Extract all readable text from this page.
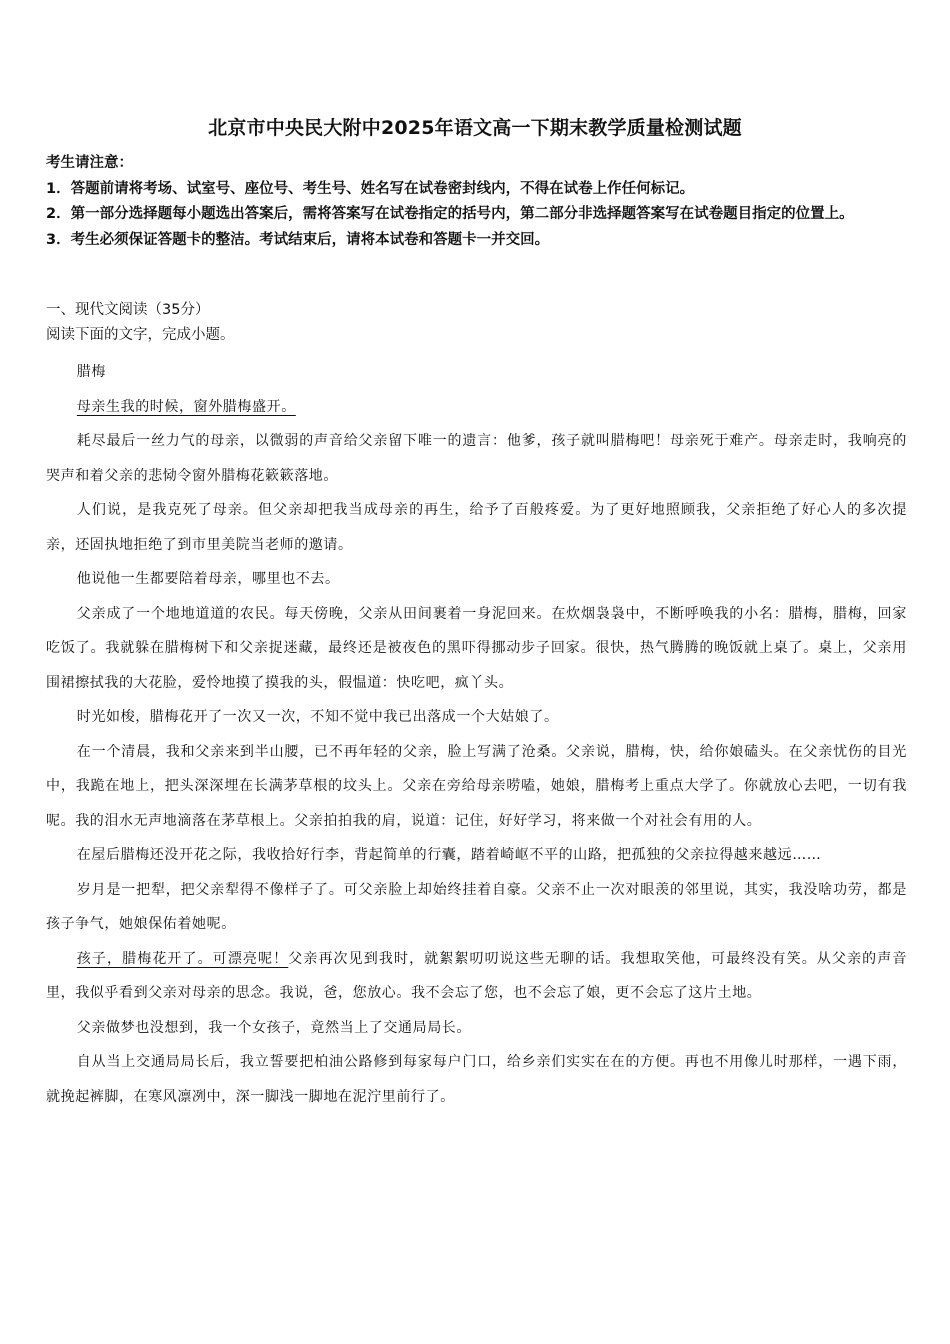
北京市中央民大附中2025年语文高一下期末教学质量检测试题

考生请注意：

1．答题前请将考场、试室号、座位号、考生号、姓名写在试卷密封线内，不得在试卷上作任何标记。

2．第一部分选择题每小题选出答案后，需将答案写在试卷指定的括号内，第二部分非选择题答案写在试卷题目指定的位置上。

3．考生必须保证答题卡的整洁。考试结束后，请将本试卷和答题卡一并交回。

一、现代文阅读（35分）

阅读下面的文字，完成小题。

腊梅

母亲生我的时候，窗外腊梅盛开。

耗尽最后一丝力气的母亲，以微弱的声音给父亲留下唯一的遗言：他爹，孩子就叫腊梅吧！母亲死于难产。母亲走时，我响亮的哭声和着父亲的悲恸令窗外腊梅花簌簌落地。

人们说，是我克死了母亲。但父亲却把我当成母亲的再生，给予了百般疼爱。为了更好地照顾我，父亲拒绝了好心人的多次提亲，还固执地拒绝了到市里美院当老师的邀请。

他说他一生都要陪着母亲，哪里也不去。

父亲成了一个地地道道的农民。每天傍晚，父亲从田间裹着一身泥回来。在炊烟袅袅中，不断呼唤我的小名：腊梅，腊梅，回家吃饭了。我就躲在腊梅树下和父亲捉迷藏，最终还是被夜色的黑吓得挪动步子回家。很快，热气腾腾的晚饭就上桌了。桌上，父亲用围裙擦拭我的大花脸，爱怜地摸了摸我的头，假愠道：快吃吧，疯丫头。

时光如梭，腊梅花开了一次又一次，不知不觉中我已出落成一个大姑娘了。

在一个清晨，我和父亲来到半山腰，已不再年轻的父亲，脸上写满了沧桑。父亲说，腊梅，快，给你娘磕头。在父亲忧伤的目光中，我跪在地上，把头深深埋在长满茅草根的坟头上。父亲在旁给母亲唠嗑，她娘，腊梅考上重点大学了。你就放心去吧，一切有我呢。我的泪水无声地滴落在茅草根上。父亲拍拍我的肩，说道：记住，好好学习，将来做一个对社会有用的人。

在屋后腊梅还没开花之际，我收拾好行李，背起简单的行囊，踏着崎岖不平的山路，把孤独的父亲拉得越来越远……

岁月是一把犁，把父亲犁得不像样子了。可父亲脸上却始终挂着自豪。父亲不止一次对眼羡的邻里说，其实，我没啥功劳，都是孩子争气，她娘保佑着她呢。

孩子，腊梅花开了。可漂亮呢！父亲再次见到我时，就絮絮叨叨说这些无聊的话。我想取笑他，可最终没有笑。从父亲的声音里，我似乎看到父亲对母亲的思念。我说，爸，您放心。我不会忘了您，也不会忘了娘，更不会忘了这片土地。

父亲做梦也没想到，我一个女孩子，竟然当上了交通局局长。

自从当上交通局局长后，我立誓要把柏油公路修到每家每户门口，给乡亲们实实在在的方便。再也不用像儿时那样，一遇下雨，就挽起裤脚，在寒风凛冽中，深一脚浅一脚地在泥泞里前行了。
